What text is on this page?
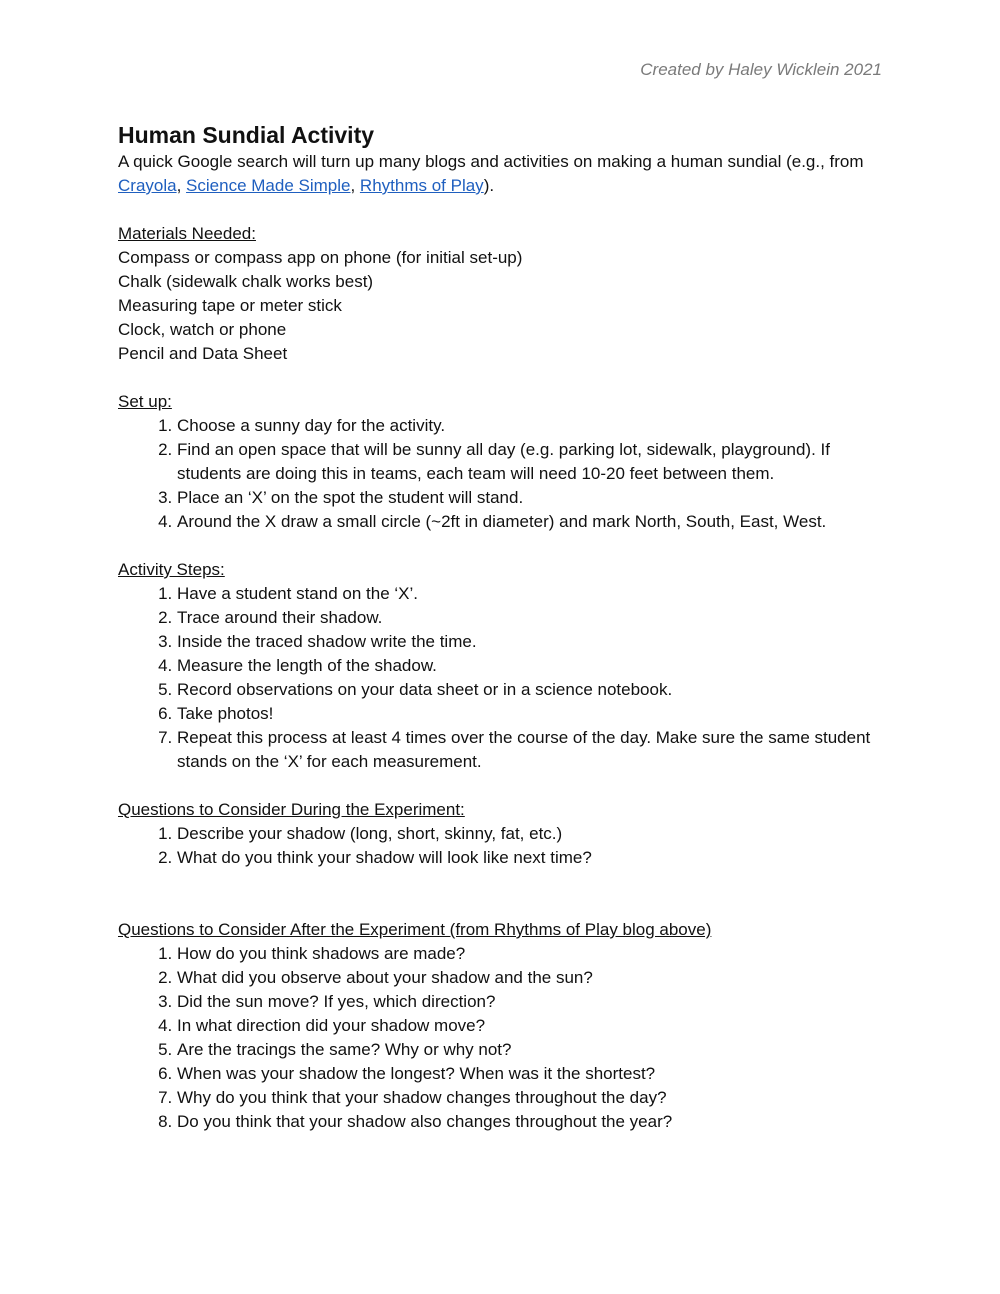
Created by Haley Wicklein 2021

Human Sundial Activity

A quick Google search will turn up many blogs and activities on making a human sundial (e.g., from Crayola, Science Made Simple, Rhythms of Play).

Materials Needed:

Compass or compass app on phone (for initial set-up)
Chalk (sidewalk chalk works best)
Measuring tape or meter stick
Clock, watch or phone
Pencil and Data Sheet

Set up:

1. Choose a sunny day for the activity.
2. Find an open space that will be sunny all day (e.g. parking lot, sidewalk, playground). If students are doing this in teams, each team will need 10-20 feet between them.
3. Place an ‘X’ on the spot the student will stand.
4. Around the X draw a small circle (~2ft in diameter) and mark North, South, East, West.

Activity Steps:

1. Have a student stand on the ‘X’.
2. Trace around their shadow.
3. Inside the traced shadow write the time.
4. Measure the length of the shadow.
5. Record observations on your data sheet or in a science notebook.
6. Take photos!
7. Repeat this process at least 4 times over the course of the day. Make sure the same student stands on the ‘X’ for each measurement.

Questions to Consider During the Experiment:

1. Describe your shadow (long, short, skinny, fat, etc.)
2. What do you think your shadow will look like next time?

Questions to Consider After the Experiment (from Rhythms of Play blog above)

1. How do you think shadows are made?
2. What did you observe about your shadow and the sun?
3. Did the sun move? If yes, which direction?
4. In what direction did your shadow move?
5. Are the tracings the same? Why or why not?
6. When was your shadow the longest? When was it the shortest?
7. Why do you think that your shadow changes throughout the day?
8. Do you think that your shadow also changes throughout the year?
